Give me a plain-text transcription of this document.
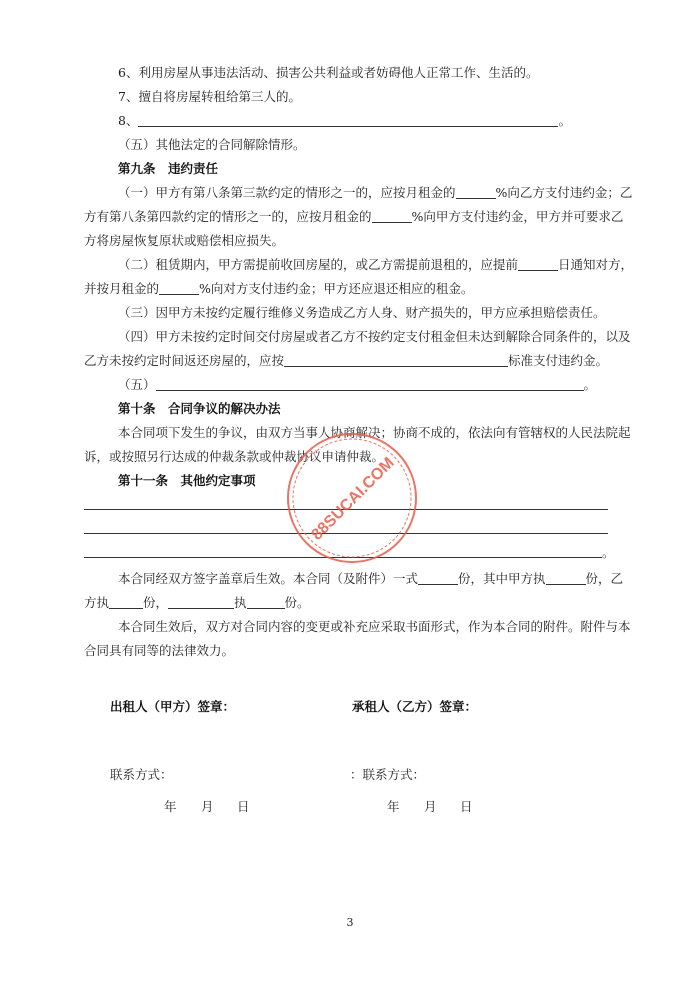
6、利用房屋从事违法活动、损害公共利益或者妨碍他人正常工作、生活的。
7、擅自将房屋转租给第三人的。
8、	。
（五）其他法定的合同解除情形。
第九条　违约责任
（一）甲方有第八条第三款约定的情形之一的，应按月租金的	%向乙方支付违约金；乙
方有第八条第四款约定的情形之一的，应按月租金的	%向甲方支付违约金，甲方并可要求乙
方将房屋恢复原状或赔偿相应损失。
（二）租赁期内，甲方需提前收回房屋的，或乙方需提前退租的，应提前	日通知对方，
并按月租金的	%向对方支付违约金；甲方还应退还相应的租金。
（三）因甲方未按约定履行维修义务造成乙方人身、财产损失的，甲方应承担赔偿责任。
（四）甲方未按约定时间交付房屋或者乙方不按约定支付租金但未达到解除合同条件的，以及
乙方未按约定时间返还房屋的，应按	标准支付违约金。
（五）	。
第十条　合同争议的解决办法
本合同项下发生的争议，由双方当事人协商解决；协商不成的，依法向有管辖权的人民法院起
诉，或按照另行达成的仲裁条款或仲裁协议申请仲裁。
第十一条　其他约定事项
。
本合同经双方签字盖章后生效。本合同（及附件）一式	份，其中甲方执	份，乙
方执	份，	执	份。
本合同生效后，双方对合同内容的变更或补充应采取书面形式，作为本合同的附件。附件与本
合同具有同等的法律效力。
出租人（甲方）签章：	承租人（乙方）签章：
联系方式：	：联系方式：
年 月 日	年 月 日
3
88SUCAI.COM
